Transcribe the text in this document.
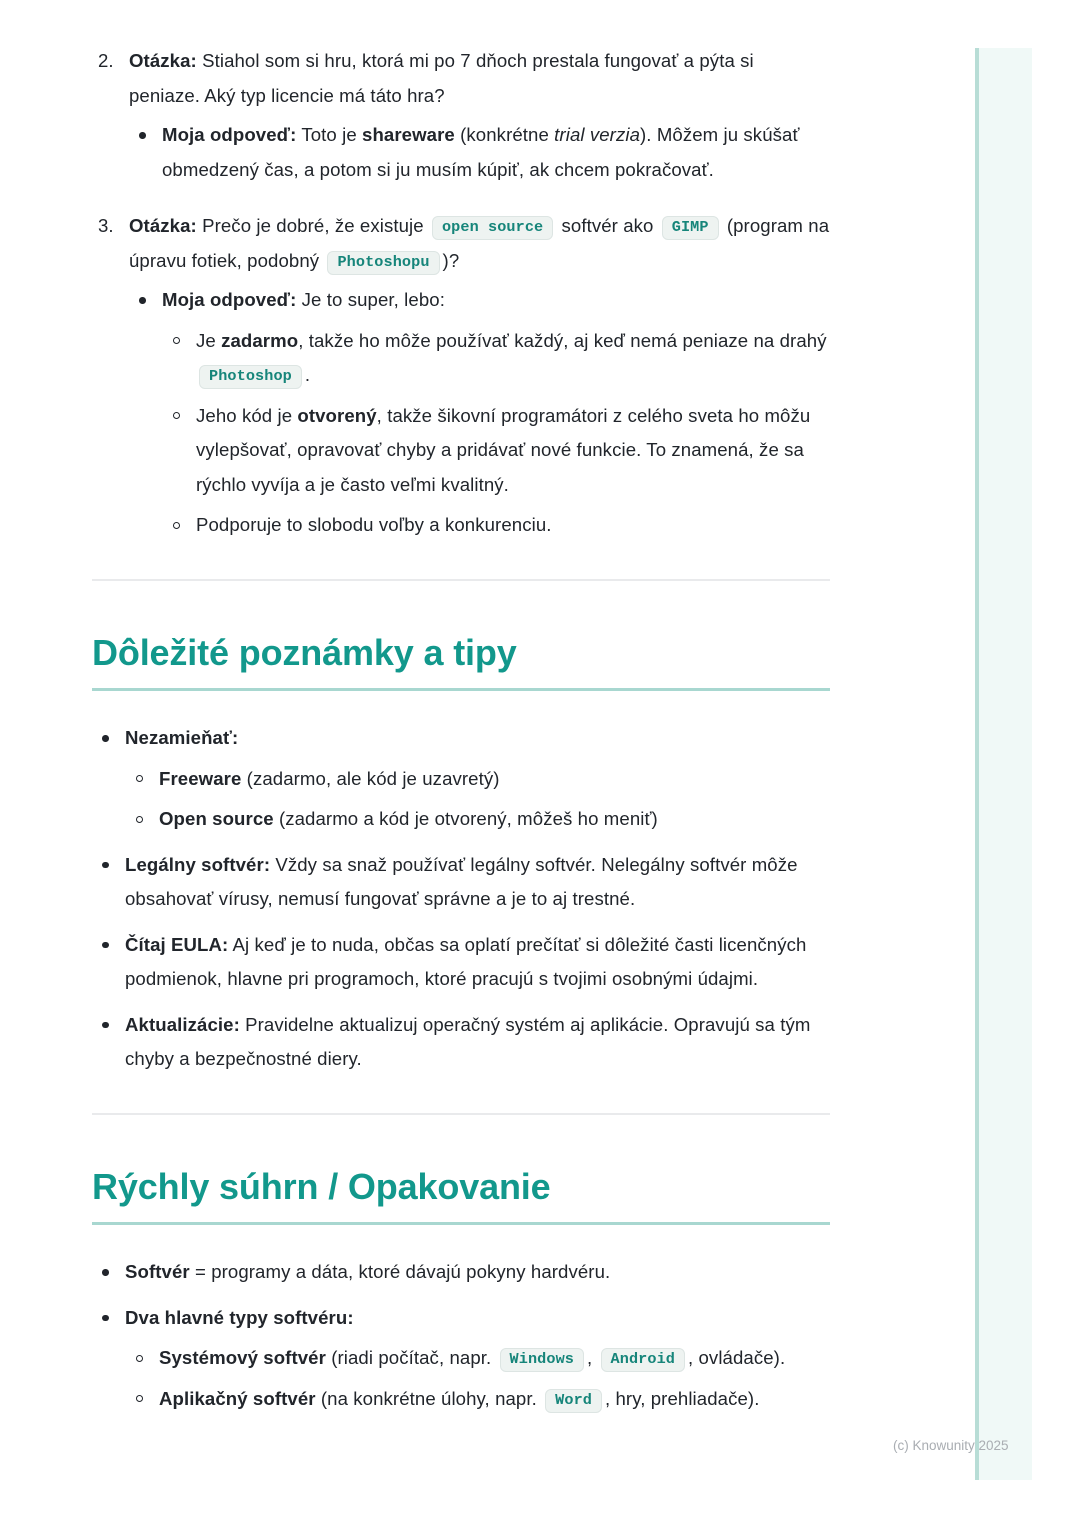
2. Otázka: Stiahol som si hru, ktorá mi po 7 dňoch prestala fungovať a pýta si peniaze. Aký typ licencie má táto hra?
Moja odpoveď: Toto je shareware (konkrétne trial verzia). Môžem ju skúšať obmedzený čas, a potom si ju musím kúpiť, ak chcem pokračovať.
3. Otázka: Prečo je dobré, že existuje open source softvér ako GIMP (program na úpravu fotiek, podobný Photoshopu )?
Moja odpoveď: Je to super, lebo:
Je zadarmo, takže ho môže používať každý, aj keď nemá peniaze na drahý Photoshop .
Jeho kód je otvorený, takže šikovní programátori z celého sveta ho môžu vylepšovať, opravovať chyby a pridávať nové funkcie. To znamená, že sa rýchlo vyvíja a je často veľmi kvalitný.
Podporuje to slobodu voľby a konkurenciu.
Dôležité poznámky a tipy
Nezamieňať:
Freeware (zadarmo, ale kód je uzavretý)
Open source (zadarmo a kód je otvorený, môžeš ho meniť)
Legálny softvér: Vždy sa snaž používať legálny softvér. Nelegálny softvér môže obsahovať vírusy, nemusí fungovať správne a je to aj trestné.
Čítaj EULA: Aj keď je to nuda, občas sa oplatí prečítať si dôležité časti licenčných podmienok, hlavne pri programoch, ktoré pracujú s tvojimi osobnými údajmi.
Aktualizácie: Pravidelne aktualizuj operačný systém aj aplikácie. Opravujú sa tým chyby a bezpečnostné diery.
Rýchly súhrn / Opakovanie
Softvér = programy a dáta, ktoré dávajú pokyny hardvéru.
Dva hlavné typy softvéru:
Systémový softvér (riadi počítač, napr. Windows , Android , ovládače).
Aplikačný softvér (na konkrétne úlohy, napr. Word , hry, prehliadače).
(c) Knowunity 2025
